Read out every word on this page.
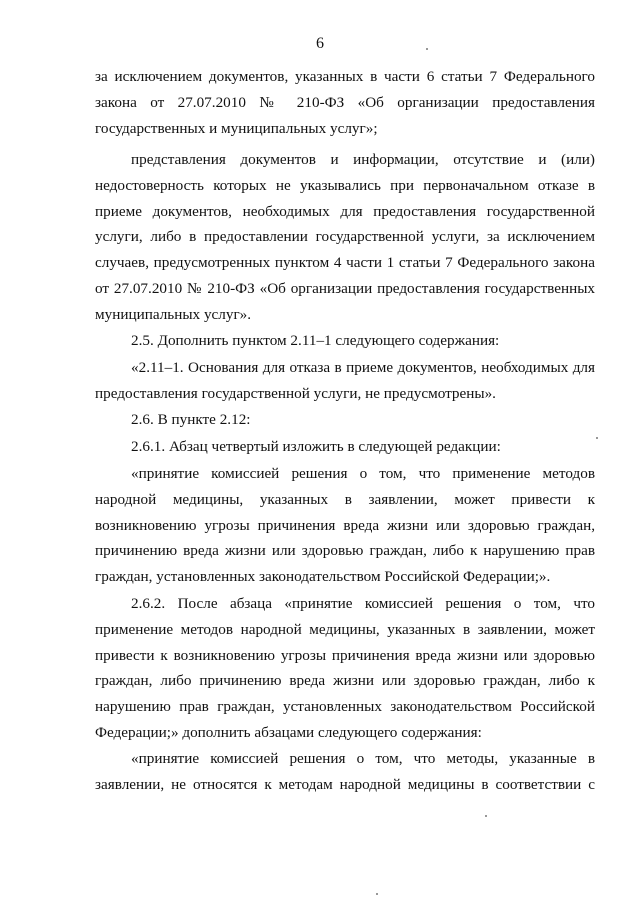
6
за исключением документов, указанных в части 6 статьи 7 Федерального
закона от 27.07.2010 № 210-ФЗ «Об организации предоставления
государственных и муниципальных услуг»;
представления документов и информации, отсутствие и (или)
недостоверность которых не указывались при первоначальном отказе в
приеме документов, необходимых для предоставления государственной
услуги, либо в предоставлении государственной услуги, за исключением
случаев, предусмотренных пунктом 4 части 1 статьи 7 Федерального закона
от 27.07.2010 № 210-ФЗ «Об организации предоставления государственных
муниципальных услуг».
2.5. Дополнить пунктом 2.11–1 следующего содержания:
«2.11–1. Основания для отказа в приеме документов, необходимых для
предоставления государственной услуги, не предусмотрены».
2.6. В пункте 2.12:
2.6.1. Абзац четвертый изложить в следующей редакции:
«принятие комиссией решения о том, что применение методов
народной медицины, указанных в заявлении, может привести к
возникновению угрозы причинения вреда жизни или здоровью граждан,
причинению вреда жизни или здоровью граждан, либо к нарушению прав
граждан, установленных законодательством Российской Федерации;».
2.6.2. После абзаца «принятие комиссией решения о том, что
применение методов народной медицины, указанных в заявлении, может
привести к возникновению угрозы причинения вреда жизни или здоровью
граждан, либо причинению вреда жизни или здоровью граждан, либо к
нарушению прав граждан, установленных законодательством Российской
Федерации;» дополнить абзацами следующего содержания:
«принятие комиссией решения о том, что методы, указанные в
заявлении, не относятся к методам народной медицины в соответствии с
